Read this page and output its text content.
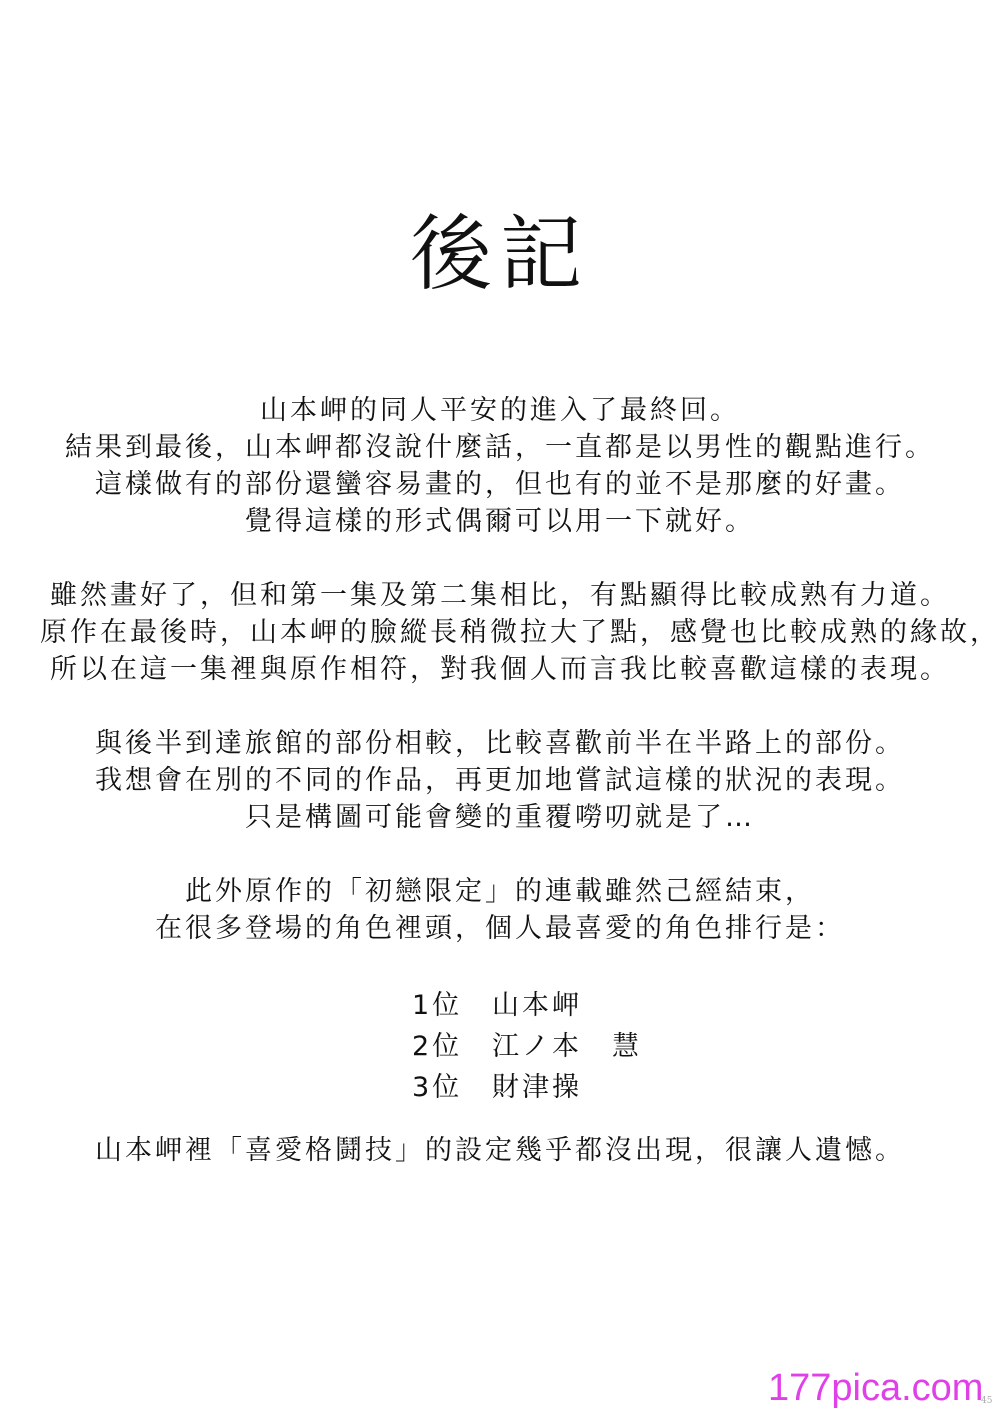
後記
山本岬的同人平安的進入了最終回。
結果到最後，山本岬都沒說什麼話，一直都是以男性的觀點進行。
這樣做有的部份還蠻容易畫的，但也有的並不是那麼的好畫。
覺得這樣的形式偶爾可以用一下就好。
雖然畫好了，但和第一集及第二集相比，有點顯得比較成熟有力道。
原作在最後時，山本岬的臉縱長稍微拉大了點，感覺也比較成熟的緣故，
所以在這一集裡與原作相符，對我個人而言我比較喜歡這樣的表現。
與後半到達旅館的部份相較，比較喜歡前半在半路上的部份。
我想會在別的不同的作品，再更加地嘗試這樣的狀況的表現。
只是構圖可能會變的重覆嘮叨就是了…
此外原作的「初戀限定」的連載雖然己經結束，
在很多登場的角色裡頭，個人最喜愛的角色排行是：
1位	山本岬
2位	江ノ本　慧
3位	財津操
山本岬裡「喜愛格鬪技」的設定幾乎都沒出現，很讓人遺憾。
45
177pica.com
